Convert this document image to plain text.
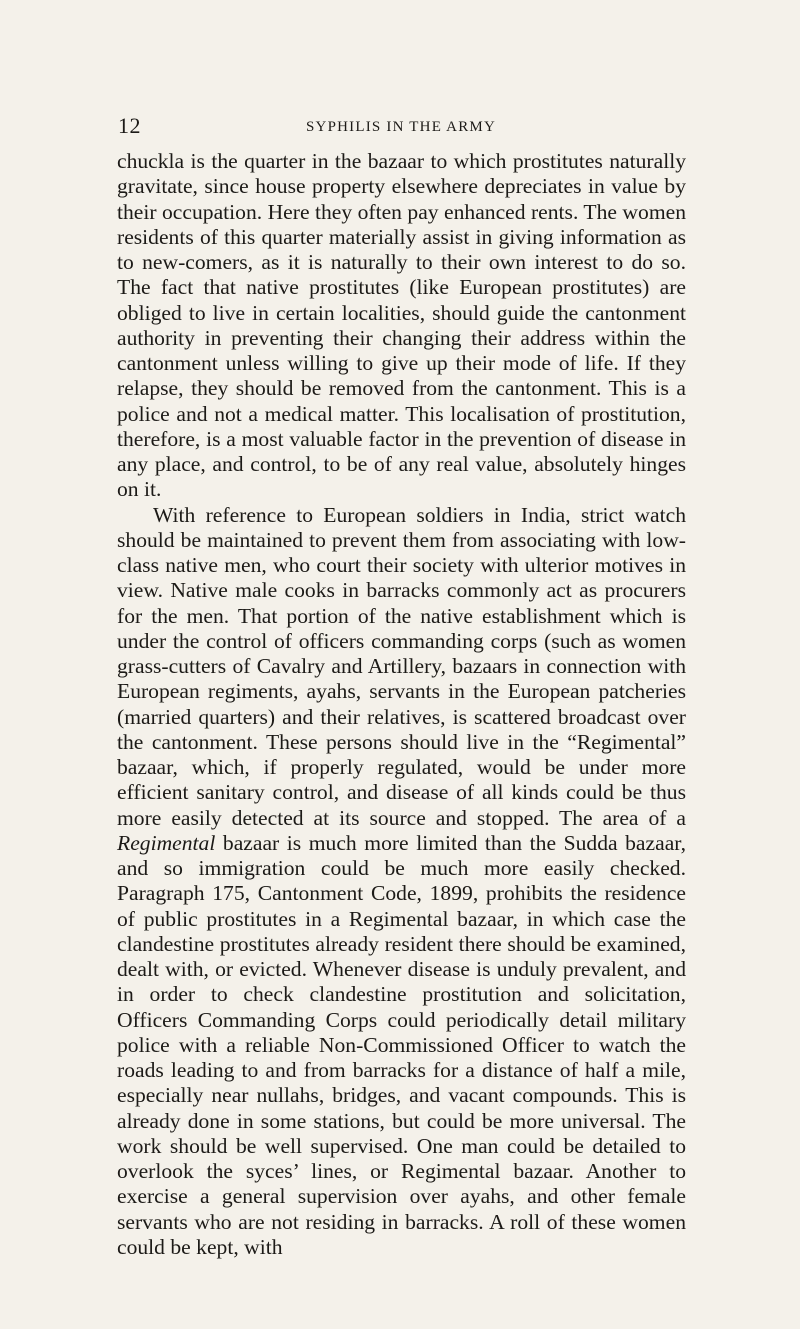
12	SYPHILIS IN THE ARMY

chuckla is the quarter in the bazaar to which prostitutes naturally gravitate, since house property elsewhere depreciates in value by their occupation. Here they often pay enhanced rents. The women residents of this quarter materially assist in giving information as to new-comers, as it is naturally to their own interest to do so. The fact that native prostitutes (like European prostitutes) are obliged to live in certain localities, should guide the cantonment authority in preventing their changing their address within the cantonment unless willing to give up their mode of life. If they relapse, they should be removed from the cantonment. This is a police and not a medical matter. This localisation of prostitution, therefore, is a most valuable factor in the prevention of disease in any place, and control, to be of any real value, absolutely hinges on it.

With reference to European soldiers in India, strict watch should be maintained to prevent them from associating with low-class native men, who court their society with ulterior motives in view. Native male cooks in barracks commonly act as procurers for the men. That portion of the native establishment which is under the control of officers commanding corps (such as women grass-cutters of Cavalry and Artillery, bazaars in connection with European regiments, ayahs, servants in the European patcheries (married quarters) and their relatives, is scattered broadcast over the cantonment. These persons should live in the “Regimental” bazaar, which, if properly regulated, would be under more efficient sanitary control, and disease of all kinds could be thus more easily detected at its source and stopped. The area of a Regimental bazaar is much more limited than the Sudda bazaar, and so immigration could be much more easily checked. Paragraph 175, Cantonment Code, 1899, prohibits the residence of public prostitutes in a Regimental bazaar, in which case the clandestine prostitutes already resident there should be examined, dealt with, or evicted. Whenever disease is unduly prevalent, and in order to check clandestine prostitution and solicitation, Officers Commanding Corps could periodically detail military police with a reliable Non-Commissioned Officer to watch the roads leading to and from barracks for a distance of half a mile, especially near nullahs, bridges, and vacant compounds. This is already done in some stations, but could be more universal. The work should be well supervised. One man could be detailed to overlook the syces’ lines, or Regimental bazaar. Another to exercise a general supervision over ayahs, and other female servants who are not residing in barracks. A roll of these women could be kept, with
